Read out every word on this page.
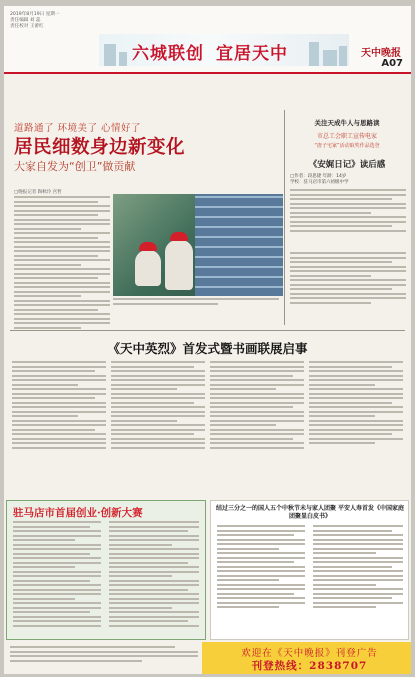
2019年8月19日 星期一
责任编辑 刘 蕊
责任校对 王蕾红
六城联创 宜居天中	天中晚报
A07
道路通了 环境美了 心情好了
居民细数身边新变化
大家自发为“创卫”做贡献
□晚报记者 陶秋玲 宫哲
关注天成牛人与思路读
市总工会职工宣传电家
“唐子宅家”活动取奖作品选登
《安娓日记》读后感
□作者：段思捷 年龄：14岁
学校：驻马店市第六初级中学
《天中英烈》首发式暨书画联展启事
驻马店市首届创业·创新大赛	结过三分之一的国人五个中秋节未与家人团聚 平安人寿首发《中国家庭团聚显白皮书》
欢迎在《天中晚报》刊登广告
刊登热线：2838707
